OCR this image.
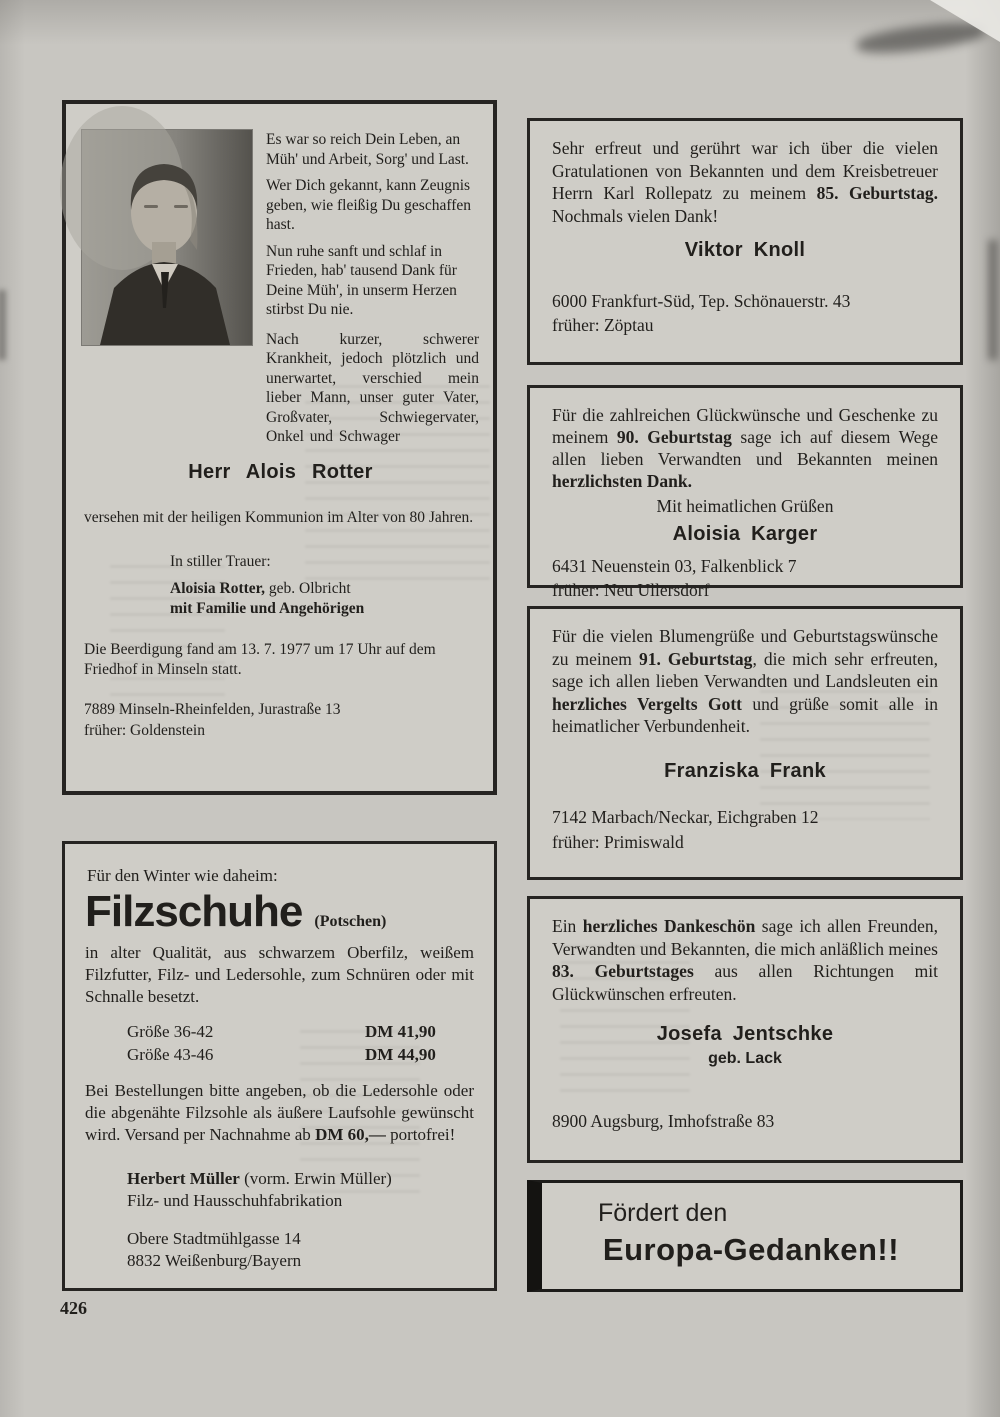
Es war so reich Dein Leben, an Müh' und Arbeit, Sorg' und Last.

Wer Dich gekannt, kann Zeugnis geben, wie fleißig Du geschaffen hast.

Nun ruhe sanft und schlaf in Frieden, hab' tausend Dank für Deine Müh', in unserm Herzen stirbst Du nie.

Nach kurzer, schwerer Krankheit, jedoch plötzlich und unerwartet, verschied mein lieber Mann, unser guter Vater, Großvater, Schwiegervater, Onkel und Schwager

Herr Alois Rotter

versehen mit der heiligen Kommunion im Alter von 80 Jahren.

In stiller Trauer:

Aloisia Rotter, geb. Olbricht

mit Familie und Angehörigen

Die Beerdigung fand am 13. 7. 1977 um 17 Uhr auf dem Friedhof in Minseln statt.

7889 Minseln-Rheinfelden, Jurastraße 13

früher: Goldenstein

Für den Winter wie daheim:

Filzschuhe (Potschen)

in alter Qualität, aus schwarzem Oberfilz, weißem Filzfutter, Filz- und Ledersohle, zum Schnüren oder mit Schnalle besetzt.

Größe 36-42	DM 41,90
Größe 43-46	DM 44,90

Bei Bestellungen bitte angeben, ob die Ledersohle oder die abgenähte Filzsohle als äußere Laufsohle gewünscht wird. Versand per Nachnahme ab DM 60,— portofrei!

Herbert Müller (vorm. Erwin Müller)

Filz- und Hausschuhfabrikation

Obere Stadtmühlgasse 14

8832 Weißenburg/Bayern

Sehr erfreut und gerührt war ich über die vielen Gratulationen von Bekannten und dem Kreisbetreuer Herrn Karl Rollepatz zu meinem 85. Geburtstag. Nochmals vielen Dank!

Viktor Knoll

6000 Frankfurt-Süd, Tep. Schönauerstr. 43

früher: Zöptau

Für die zahlreichen Glückwünsche und Geschenke zu meinem 90. Geburtstag sage ich auf diesem Wege allen lieben Verwandten und Bekannten meinen herzlichsten Dank.

Mit heimatlichen Grüßen

Aloisia Karger

6431 Neuenstein 03, Falkenblick 7

früher: Neu Ullersdorf

Für die vielen Blumengrüße und Geburtstagswünsche zu meinem 91. Geburtstag, die mich sehr erfreuten, sage ich allen lieben Verwandten und Landsleuten ein herzliches Vergelts Gott und grüße somit alle in heimatlicher Verbundenheit.

Franziska Frank

7142 Marbach/Neckar, Eichgraben 12

früher: Primiswald

Ein herzliches Dankeschön sage ich allen Freunden, Verwandten und Bekannten, die mich anläßlich meines 83. Geburtstages aus allen Richtungen mit Glückwünschen erfreuten.

Josefa Jentschke
geb. Lack

8900 Augsburg, Imhofstraße 83

Fördert den

Europa-Gedanken!!
426
